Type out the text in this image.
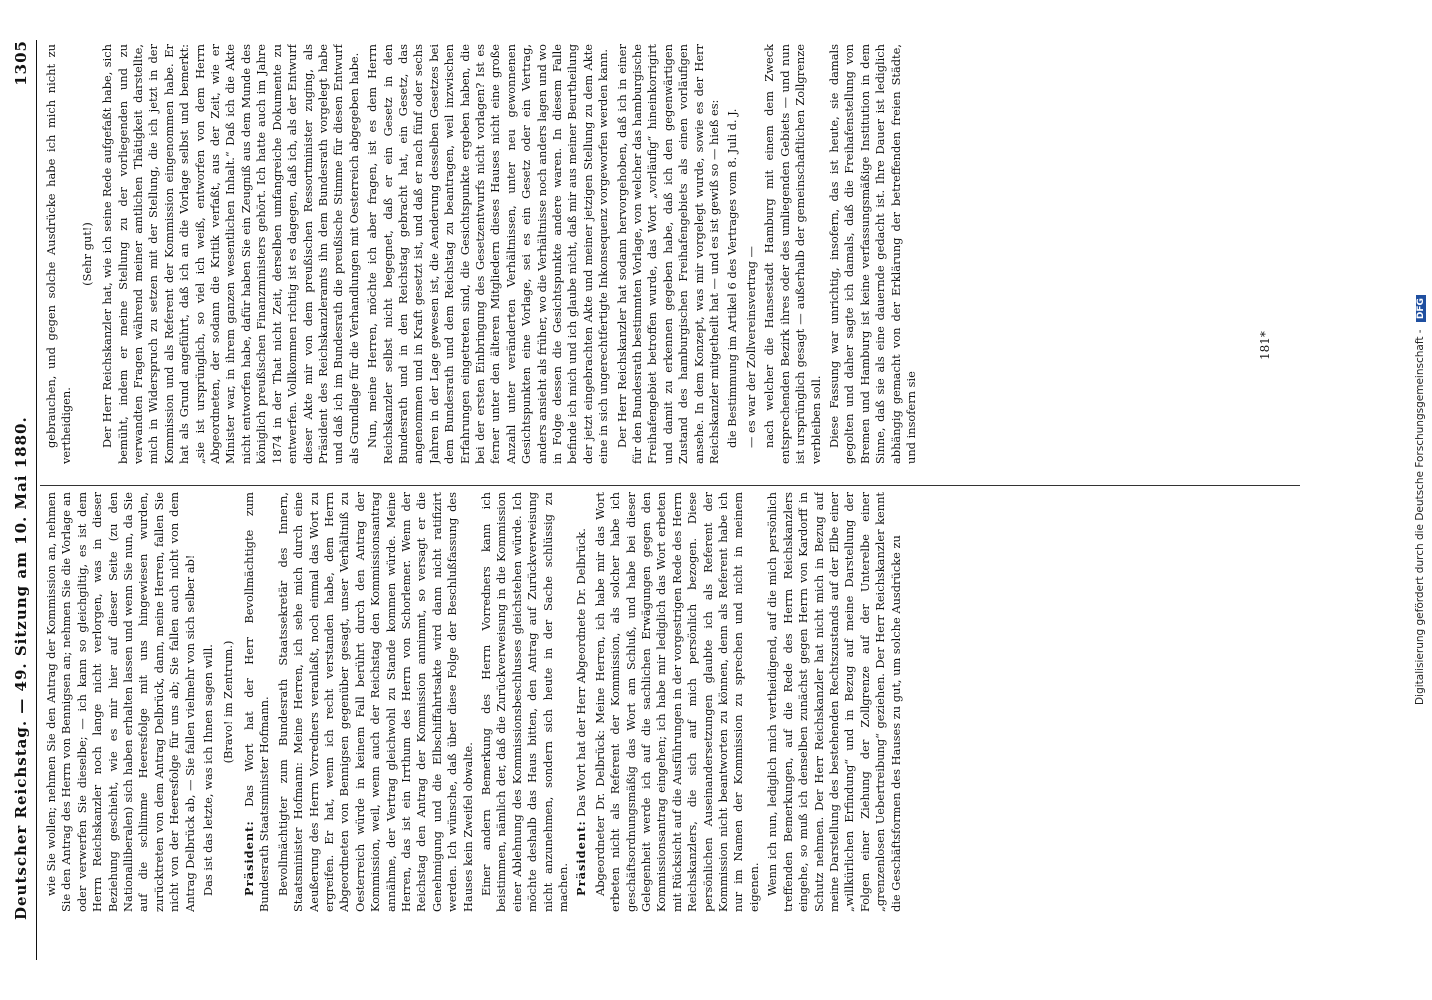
Deutscher Reichstag. — 49. Sitzung am 10. Mai 1880.
1305

wie Sie wollen; nehmen Sie den Antrag der Kommission an, nehmen Sie den Antrag des Herrn von Bennigsen an; nehmen Sie die Vorlage an oder verwerfen Sie dieselbe; — ich kann so gleichgiltig, es ist dem Herrn Reichskanzler noch lange nicht verlorgen, was in dieser Beziehung geschieht, wie es mir hier auf dieser Seite (zu den Nationalliberalen) sich haben erhalten lassen und wenn Sie nun, da Sie auf die schlimme Heeresfolge mit uns hingewiesen wurden, zurücktreten von dem Antrag Delbrück, dann, meine Herren, fallen Sie nicht von der Heeresfolge für uns ab; Sie fallen auch nicht von dem Antrag Delbrück ab, — Sie fallen vielmehr von sich selber ab! Das ist das letzte, was ich Ihnen sagen will. (Bravo! im Zentrum.)

Präsident: Das Wort hat der Herr Bevollmächtigte zum Bundesrath Staatsminister Hofmann. Bevollmächtigter zum Bundesrath Staatssekretär des Innern, Staatsminister Hofmann: Meine Herren, ich sehe mich durch eine Aeußerung des Herrn Vorredners veranlaßt, noch einmal das Wort zu ergreifen. Er hat, wenn ich recht verstanden habe, dem Herrn Abgeordneten von Bennigsen gegenüber gesagt, unser Verhältniß zu Oesterreich würde in keinem Fall berührt durch den Antrag der Kommission, weil, wenn auch der Reichstag den Kommissionsantrag annähme, der Vertrag gleichwohl zu Stande kommen würde. Meine Herren, das ist ein Irrthum des Herrn von Schorlemer. Wenn der Reichstag den Antrag der Kommission annimmt, so versagt er die Genehmigung und die Elbschiffahrtsakte wird dann nicht ratifizirt werden. Ich wünsche, daß über diese Folge der Beschlußfassung des Hauses kein Zweifel obwalte. Einer andern Bemerkung des Herrn Vorredners kann ich beistimmen, nämlich der, daß die Zurückverweisung in die Kommission einer Ablehnung des Kommissionsbeschlusses gleichstehen würde. Ich möchte deshalb das Haus bitten, den Antrag auf Zurückverweisung nicht anzunehmen, sondern sich heute in der Sache schlüssig zu machen. Präsident: Das Wort hat der Herr Abgeordnete Dr. Delbrück. Abgeordneter Dr. Delbrück: Meine Herren, ich habe mir das Wort erbeten nicht als Referent der Kommission, als solcher habe ich geschäftsordnungsmäßig das Wort am Schluß, und habe bei dieser Gelegenheit werde ich auf die sachlichen Erwägungen gegen den Kommissionsantrag eingehen; ich habe mir lediglich das Wort erbeten mit Rücksicht auf die Ausführungen in der vorgestrigen Rede des Herrn Reichskanzlers, die sich auf mich persönlich bezogen. Diese persönlichen Auseinandersetzungen glaubte ich als Referent der Kommission nicht beantworten zu können, denn als Referent habe ich nur im Namen der Kommission zu sprechen und nicht in meinem eigenen. Wenn ich nun, lediglich mich vertheidigend, auf die mich persönlich treffenden Bemerkungen, auf die Rede des Herrn Reichskanzlers eingehe, so muß ich denselben zunächst gegen Herrn von Kardorff in Schutz nehmen. Der Herr Reichskanzler hat nicht mich in Bezug auf meine Darstellung des bestehenden Rechtszustands auf der Elbe einer „willkürlichen Erfindung“ und in Bezug auf meine Darstellung der Folgen einer Ziehung der Zollgrenze auf der Unterelbe einer „grenzenlosen Uebertreibung“ geziehen. Der Herr Reichskanzler kennt die Geschäftsformen des Hauses zu gut, um solche Ausdrücke zu

gebrauchen, und gegen solche Ausdrücke habe ich mich nicht zu vertheidigen.

(Sehr gut!) Der Herr Reichskanzler hat, wie ich seine Rede aufgefaßt habe, sich bemüht, indem er meine Stellung zu der vorliegenden und zu verwandten Fragen während meiner amtlichen Thätigkeit darstellte, mich in Widerspruch zu setzen mit der Stellung, die ich jetzt in der Kommission und als Referent der Kommission eingenommen habe. Er hat als Grund angeführt, daß ich an die Vorlage selbst und bemerkt: „sie ist ursprünglich, so viel ich weiß, entworfen von dem Herrn Abgeordneten, der sodann die Kritik verfaßt, aus der Zeit, wie er Minister war, in ihrem ganzen wesentlichen Inhalt.“ Daß ich die Akte nicht entworfen habe, dafür haben Sie ein Zeugniß aus dem Munde des königlich preußischen Finanzministers gehört. Ich hatte auch im Jahre 1874 in der That nicht Zeit, derselben umfangreiche Dokumente zu entwerfen. Vollkommen richtig ist es dagegen, daß ich, als der Entwurf dieser Akte mir von dem preußischen Ressortminister zuging, als Präsident des Reichskanzleramts ihn dem Bundesrath vorgelegt habe und daß ich im Bundesrath die preußische Stimme für diesen Entwurf als Grundlage für die Verhandlungen mit Oesterreich abgegeben habe. Nun, meine Herren, möchte ich aber fragen, ist es dem Herrn Reichskanzler selbst nicht begegnet, daß er ein Gesetz in den Bundesrath und in den Reichstag gebracht hat, ein Gesetz, das angenommen und in Kraft gesetzt ist, und daß er nach fünf oder sechs Jahren in der Lage gewesen ist, die Aenderung desselben Gesetzes bei dem Bundesrath und dem Reichstag zu beantragen, weil inzwischen Erfahrungen eingetreten sind, die Gesichtspunkte ergeben haben, die bei der ersten Einbringung des Gesetzentwurfs nicht vorlagen? Ist es ferner unter den älteren Mitgliedern dieses Hauses nicht eine große Anzahl unter veränderten Verhältnissen, unter neu gewonnenen Gesichtspunkten eine Vorlage, sei es ein Gesetz oder ein Vertrag, anders ansieht als früher, wo die Verhältnisse noch anders lagen und wo in Folge dessen die Gesichtspunkte andere waren. In diesem Falle befinde ich mich und ich glaube nicht, daß mir aus meiner Beurtheilung der jetzt eingebrachten Akte und meiner jetzigen Stellung zu dem Akte eine in sich ungerechtfertigte Inkonsequenz vorgeworfen werden kann. Der Herr Reichskanzler hat sodann hervorgehoben, daß ich in einer für den Bundesrath bestimmten Vorlage, von welcher das hamburgische Freihafengebiet betroffen wurde, das Wort „vorläufig“ hineinkorrigirt und damit zu erkennen gegeben habe, daß ich den gegenwärtigen Zustand des hamburgischen Freihafengebiets als einen vorläufigen ansehe. In dem Konzept, was mir vorgelegt wurde, sowie es der Herr Reichskanzler mitgetheilt hat — und es ist gewiß so — hieß es: die Bestimmung im Artikel 6 des Vertrages vom 8. Juli d. J. — es war der Zollvereinsvertrag — nach welcher die Hansestadt Hamburg mit einem dem Zweck entsprechenden Bezirk ihres oder des umliegenden Gebiets — und nun ist ursprünglich gesagt — außerhalb der gemeinschaftlichen Zollgrenze verbleiben soll. Diese Fassung war unrichtig, insofern, das ist heute, sie damals gegolten und daher sagte ich damals, daß die Freihafenstellung von Bremen und Hamburg ist keine verfassungsmäßige Institution in dem Sinne, daß sie als eine dauernde gedacht ist. Ihre Dauer ist lediglich abhängig gemacht von der Erklärung der betreffenden freien Städte, und insofern sie

181*	Digitalisierung gefördert durch die Deutsche Forschungsgemeinschaft - DFG
